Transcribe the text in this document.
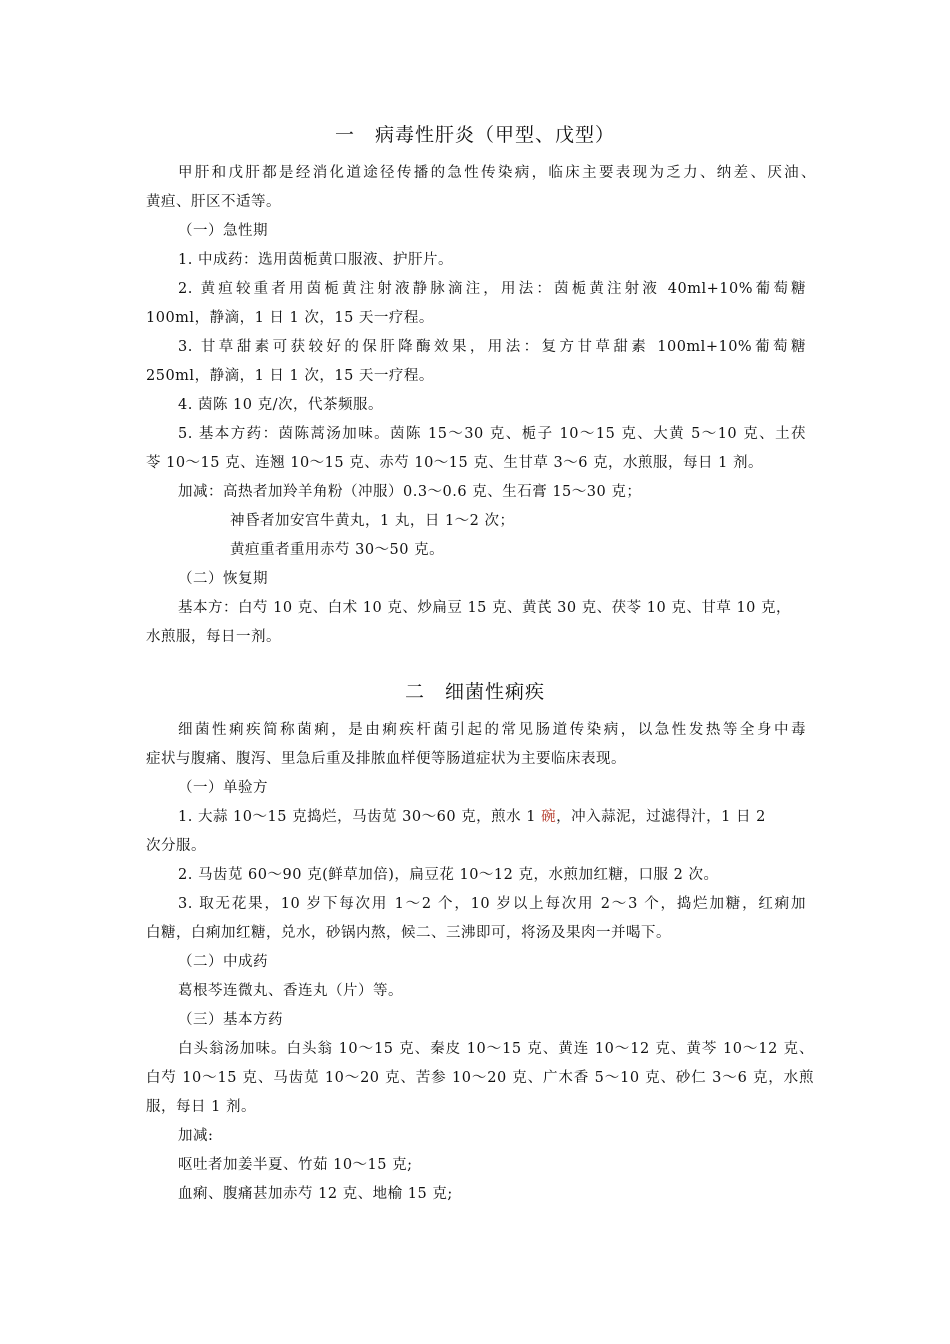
一　病毒性肝炎（甲型、戊型）
甲肝和戊肝都是经消化道途径传播的急性传染病，临床主要表现为乏力、纳差、厌油、
黄疸、肝区不适等。
（一）急性期
1. 中成药：选用茵栀黄口服液、护肝片。
2. 黄疸较重者用茵栀黄注射液静脉滴注，用法：茵栀黄注射液 40ml+10%葡萄糖
100ml，静滴，1 日 1 次，15 天一疗程。
3. 甘草甜素可获较好的保肝降酶效果，用法：复方甘草甜素 100ml+10%葡萄糖
250ml，静滴，1 日 1 次，15 天一疗程。
4. 茵陈 10 克/次，代茶频服。
5. 基本方药：茵陈蒿汤加味。茵陈 15～30 克、栀子 10～15 克、大黄 5～10 克、土茯
苓 10～15 克、连翘 10～15 克、赤芍 10～15 克、生甘草 3～6 克，水煎服，每日 1 剂。
加减：高热者加羚羊角粉（冲服）0.3～0.6 克、生石膏 15～30 克；
神昏者加安宫牛黄丸，1 丸，日 1～2 次；
黄疸重者重用赤芍 30～50 克。
（二）恢复期
基本方：白芍 10 克、白术 10 克、炒扁豆 15 克、黄芪 30 克、茯苓 10 克、甘草 10 克，
水煎服，每日一剂。
二　细菌性痢疾
细菌性痢疾简称菌痢，是由痢疾杆菌引起的常见肠道传染病，以急性发热等全身中毒
症状与腹痛、腹泻、里急后重及排脓血样便等肠道症状为主要临床表现。
（一）单验方
1. 大蒜 10～15 克捣烂，马齿苋 30～60 克，煎水 1 碗，冲入蒜泥，过滤得汁，1 日 2
次分服。
2. 马齿苋 60～90 克(鲜草加倍)，扁豆花 10～12 克，水煎加红糖，口服 2 次。
3. 取无花果，10 岁下每次用 1～2 个，10 岁以上每次用 2～3 个，捣烂加糖，红痢加
白糖，白痢加红糖，兑水，砂锅内熬，候二、三沸即可，将汤及果肉一并喝下。
（二）中成药
葛根芩连微丸、香连丸（片）等。
（三）基本方药
白头翁汤加味。白头翁 10～15 克、秦皮 10～15 克、黄连 10～12 克、黄芩 10～12 克、
白芍 10～15 克、马齿苋 10～20 克、苦参 10～20 克、广木香 5～10 克、砂仁 3～6 克，水煎
服，每日 1 剂。
加减:
呕吐者加姜半夏、竹茹 10～15 克;
血痢、腹痛甚加赤芍 12 克、地榆 15 克;
